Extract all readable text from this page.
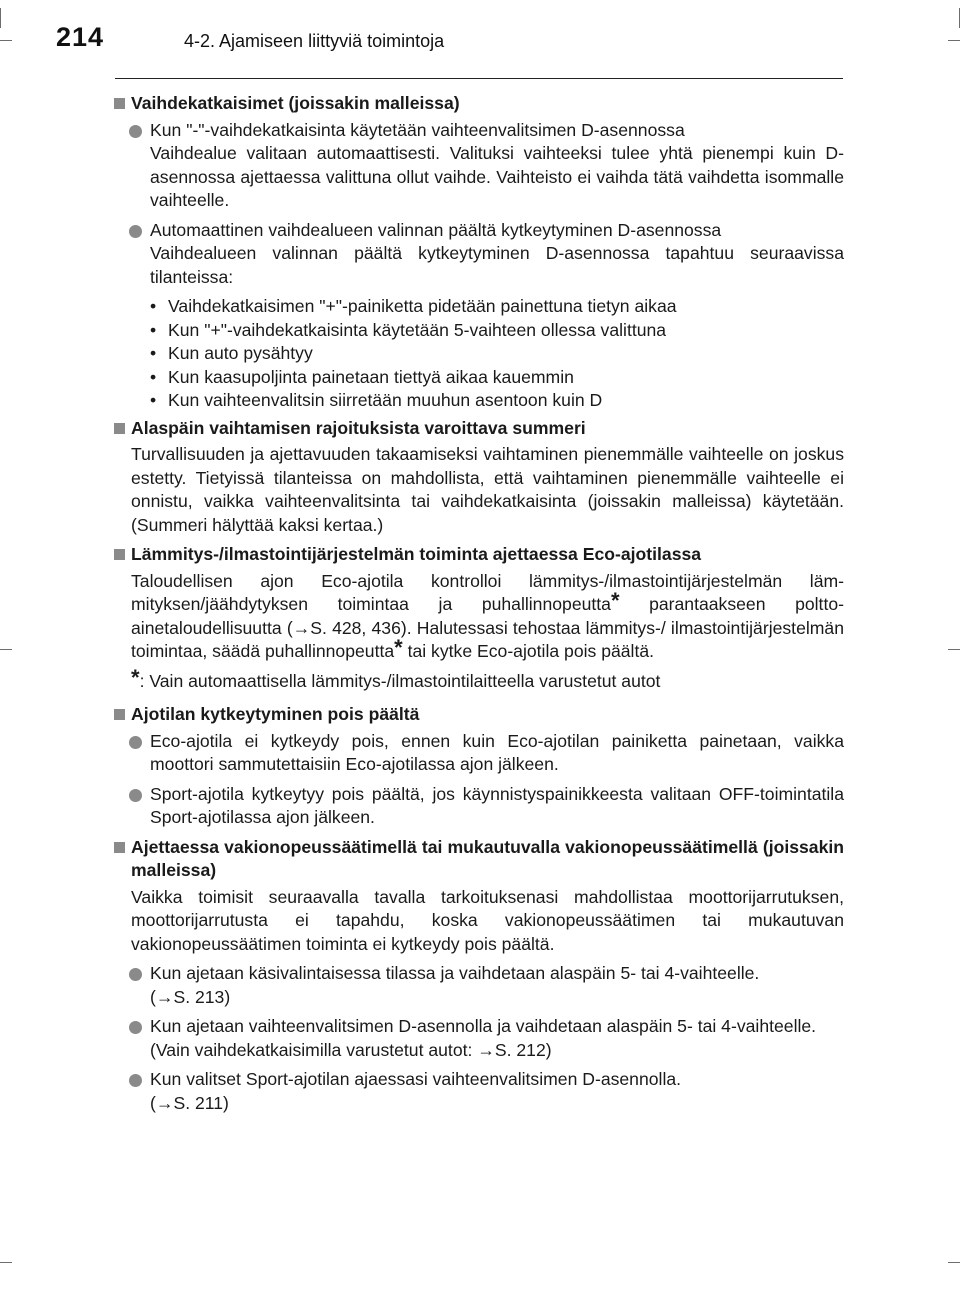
214	4-2. Ajamiseen liittyviä toimintoja
Vaihdekatkaisimet (joissakin malleissa)
Kun "-"-vaihdekatkaisinta käytetään vaihteenvalitsimen D-asennossa
Vaihdealue valitaan automaattisesti. Valituksi vaihteeksi tulee yhtä pienempi kuin D-asennossa ajettaessa valittuna ollut vaihde. Vaihteisto ei vaihda tätä vaihdetta isommalle vaihteelle.
Automaattinen vaihdealueen valinnan päältä kytkeytyminen D-asennossa
Vaihdealueen valinnan päältä kytkeytyminen D-asennossa tapahtuu seuraavissa tilanteissa:
• Vaihdekatkaisimen "+"-painiketta pidetään painettuna tietyn aikaa
• Kun "+"-vaihdekatkaisinta käytetään 5-vaihteen ollessa valittuna
• Kun auto pysähtyy
• Kun kaasupoljinta painetaan tiettyä aikaa kauemmin
• Kun vaihteenvalitsin siirretään muuhun asentoon kuin D
Alaspäin vaihtamisen rajoituksista varoittava summeri
Turvallisuuden ja ajettavuuden takaamiseksi vaihtaminen pienemmälle vaihteelle on joskus estetty. Tietyissä tilanteissa on mahdollista, että vaihtaminen pienemmälle vaihteelle ei onnistu, vaikka vaihteenvalitsinta tai vaihdekatkaisinta (joissakin malleissa) käytetään. (Summeri hälyttää kaksi kertaa.)
Lämmitys-/ilmastointijärjestelmän toiminta ajettaessa Eco-ajotilassa
Taloudellisen ajon Eco-ajotila kontrolloi lämmitys-/ilmastointijärjestelmän lämmityksen/jäähdytyksen toimintaa ja puhallinnopeutta* parantaakseen polttoainetaloudellisuutta (→S. 428, 436). Halutessasi tehostaa lämmitys-/ ilmastointijärjestelmän toimintaa, säädä puhallinnopeutta* tai kytke Eco-ajotila pois päältä.
*: Vain automaattisella lämmitys-/ilmastointilaitteella varustetut autot
Ajotilan kytkeytyminen pois päältä
Eco-ajotila ei kytkeydy pois, ennen kuin Eco-ajotilan painiketta painetaan, vaikka moottori sammutettaisiin Eco-ajotilassa ajon jälkeen.
Sport-ajotila kytkeytyy pois päältä, jos käynnistyspainikkeesta valitaan OFF-toimintatila Sport-ajotilassa ajon jälkeen.
Ajettaessa vakionopeussäätimellä tai mukautuvalla vakionopeussäätimellä (joissakin malleissa)
Vaikka toimisit seuraavalla tavalla tarkoituksenasi mahdollistaa moottorijarrutuksen, moottorijarrutusta ei tapahdu, koska vakionopeussäätimen tai mukautuvan vakionopeussäätimen toiminta ei kytkeydy pois päältä.
Kun ajetaan käsivalintaisessa tilassa ja vaihdetaan alaspäin 5- tai 4-vaihteelle.
(→S. 213)
Kun ajetaan vaihteenvalitsimen D-asennolla ja vaihdetaan alaspäin 5- tai 4-vaihteelle.
(Vain vaihdekatkaisimilla varustetut autot: →S. 212)
Kun valitset Sport-ajotilan ajaessasi vaihteenvalitsimen D-asennolla.
(→S. 211)
